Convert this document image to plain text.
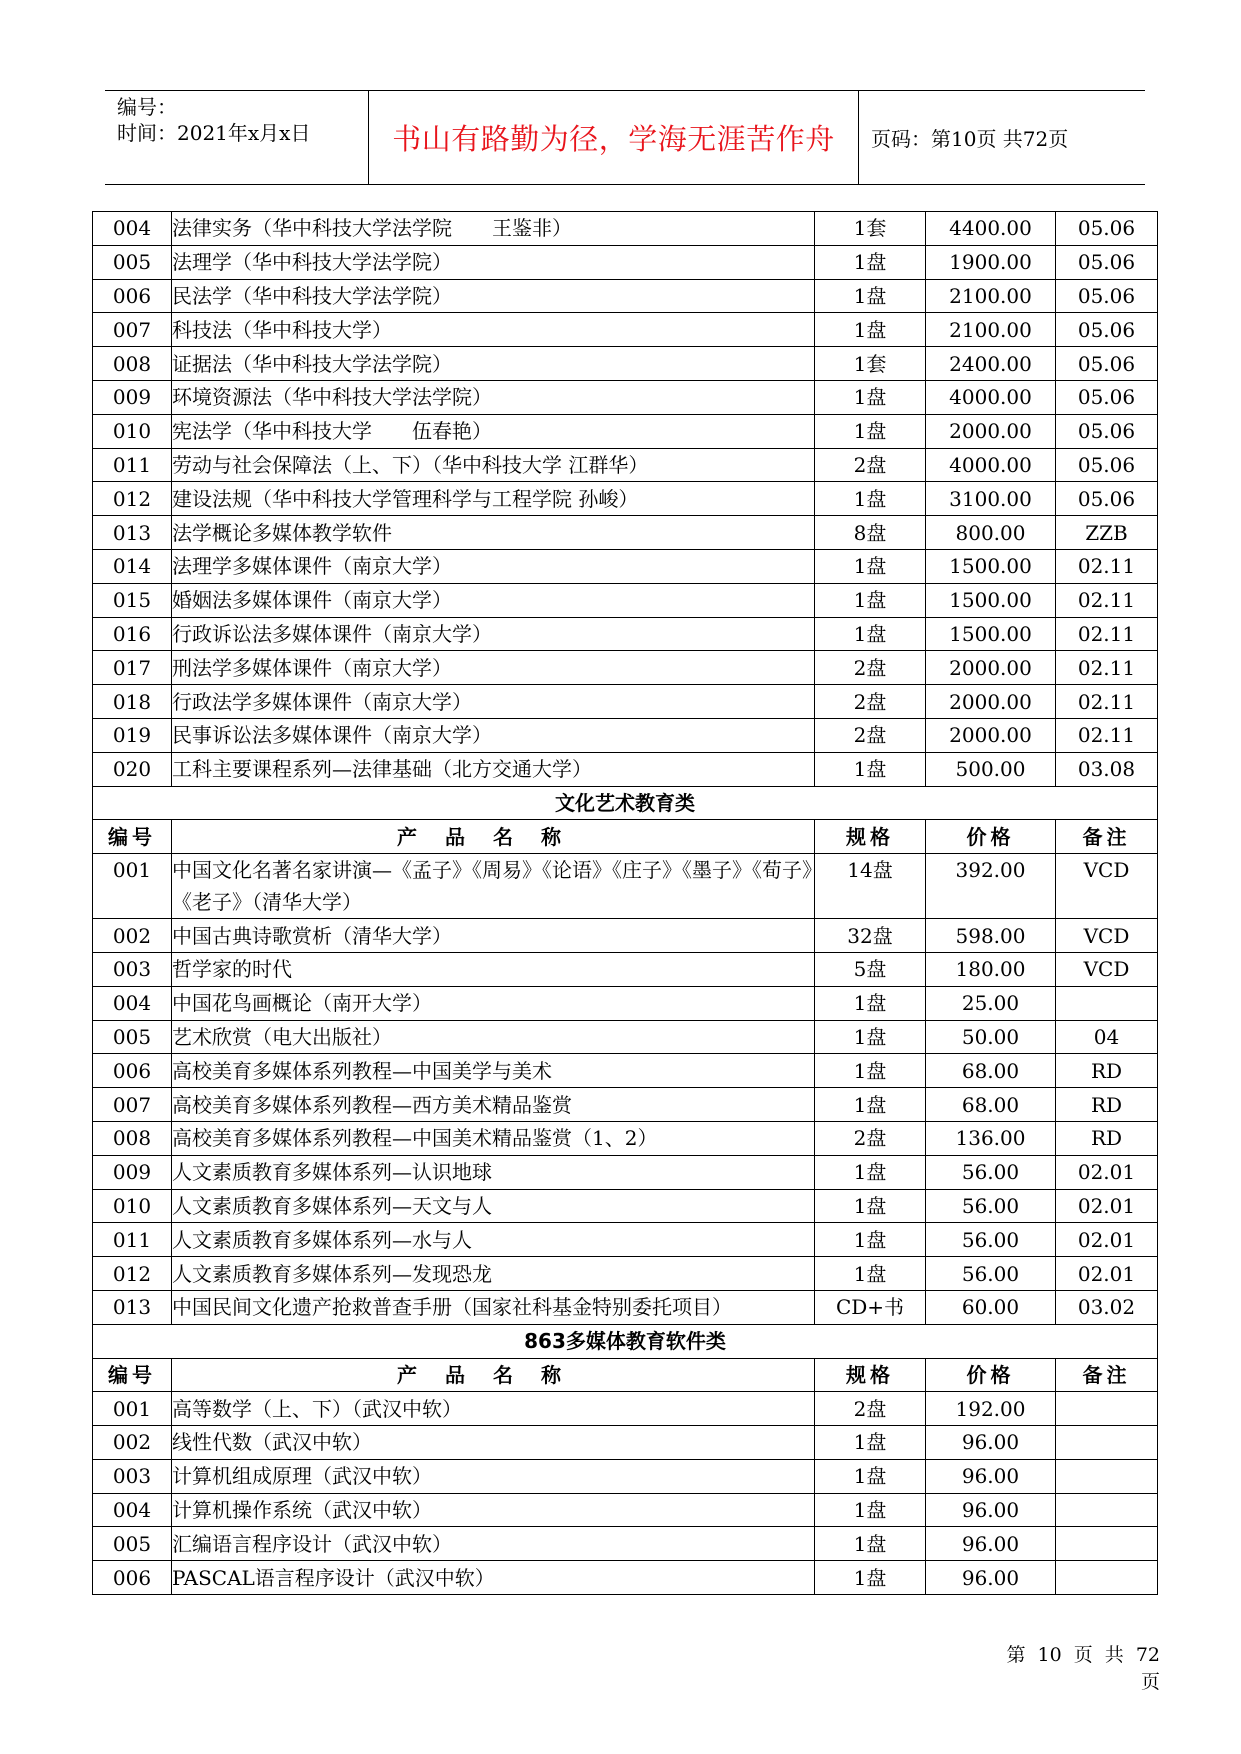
编号：
时间：2021年x月x日	书山有路勤为径，学海无涯苦作舟	页码：第10页 共72页
004	法律实务（华中科技大学法学院　　王鉴非）	1套	4400.00	05.06
005	法理学（华中科技大学法学院）	1盘	1900.00	05.06
006	民法学（华中科技大学法学院）	1盘	2100.00	05.06
007	科技法（华中科技大学）	1盘	2100.00	05.06
008	证据法（华中科技大学法学院）	1套	2400.00	05.06
009	环境资源法（华中科技大学法学院）	1盘	4000.00	05.06
010	宪法学（华中科技大学　　伍春艳）	1盘	2000.00	05.06
011	劳动与社会保障法（上、下）（华中科技大学 江群华）	2盘	4000.00	05.06
012	建设法规（华中科技大学管理科学与工程学院 孙峻）	1盘	3100.00	05.06
013	法学概论多媒体教学软件	8盘	800.00	ZZB
014	法理学多媒体课件（南京大学）	1盘	1500.00	02.11
015	婚姻法多媒体课件（南京大学）	1盘	1500.00	02.11
016	行政诉讼法多媒体课件（南京大学）	1盘	1500.00	02.11
017	刑法学多媒体课件（南京大学）	2盘	2000.00	02.11
018	行政法学多媒体课件（南京大学）	2盘	2000.00	02.11
019	民事诉讼法多媒体课件（南京大学）	2盘	2000.00	02.11
020	工科主要课程系列—法律基础（北方交通大学）	1盘	500.00	03.08
文化艺术教育类				
编号	产品名称	规格	价格	备注
001	中国文化名著名家讲演—《孟子》《周易》《论语》《庄子》《墨子》《荀子》《老子》（清华大学）	14盘	392.00	VCD
002	中国古典诗歌赏析（清华大学）	32盘	598.00	VCD
003	哲学家的时代	5盘	180.00	VCD
004	中国花鸟画概论（南开大学）	1盘	25.00	
005	艺术欣赏（电大出版社）	1盘	50.00	04
006	高校美育多媒体系列教程—中国美学与美术	1盘	68.00	RD
007	高校美育多媒体系列教程—西方美术精品鉴赏	1盘	68.00	RD
008	高校美育多媒体系列教程—中国美术精品鉴赏（1、2）	2盘	136.00	RD
009	人文素质教育多媒体系列—认识地球	1盘	56.00	02.01
010	人文素质教育多媒体系列—天文与人	1盘	56.00	02.01
011	人文素质教育多媒体系列—水与人	1盘	56.00	02.01
012	人文素质教育多媒体系列—发现恐龙	1盘	56.00	02.01
013	中国民间文化遗产抢救普查手册（国家社科基金特别委托项目）	CD+书	60.00	03.02
863多媒体教育软件类				
编号	产品名称	规格	价格	备注
001	高等数学（上、下）（武汉中软）	2盘	192.00	
002	线性代数（武汉中软）	1盘	96.00	
003	计算机组成原理（武汉中软）	1盘	96.00	
004	计算机操作系统（武汉中软）	1盘	96.00	
005	汇编语言程序设计（武汉中软）	1盘	96.00	
006	PASCAL语言程序设计（武汉中软）	1盘	96.00	
第 10 页 共 72 页
